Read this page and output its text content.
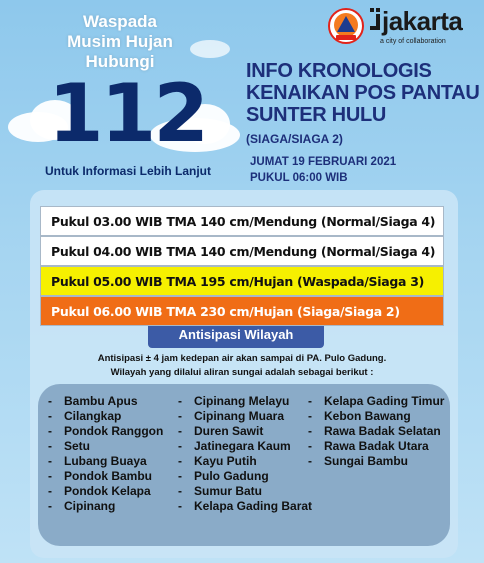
Waspada
Musim Hujan
Hubungi
112
Untuk Informasi Lebih Lanjut
jakarta
a city of collaboration
INFO KRONOLOGIS
KENAIKAN POS PANTAU
SUNTER HULU
(SIAGA/SIAGA 2)
JUMAT 19 FEBRUARI 2021
PUKUL 06:00 WIB
Pukul 03.00 WIB TMA 140 cm/Mendung (Normal/Siaga 4)
Pukul 04.00 WIB TMA 140 cm/Mendung (Normal/Siaga 4)
Pukul 05.00 WIB TMA 195 cm/Hujan (Waspada/Siaga 3)
Pukul 06.00 WIB TMA 230 cm/Hujan (Siaga/Siaga 2)
Antisipasi Wilayah
Antisipasi ± 4 jam kedepan air akan sampai di PA. Pulo Gadung.
Wilayah yang dilalui aliran sungai adalah sebagai berikut :
- Bambu Apus
- Cilangkap
- Pondok Ranggon
- Setu
- Lubang Buaya
- Pondok Bambu
- Pondok Kelapa
- Cipinang
- Cipinang Melayu
- Cipinang Muara
- Duren Sawit
- Jatinegara Kaum
- Kayu Putih
- Pulo Gadung
- Sumur Batu
- Kelapa Gading Barat
- Kelapa Gading Timur
- Kebon Bawang
- Rawa Badak Selatan
- Rawa Badak Utara
- Sungai Bambu
